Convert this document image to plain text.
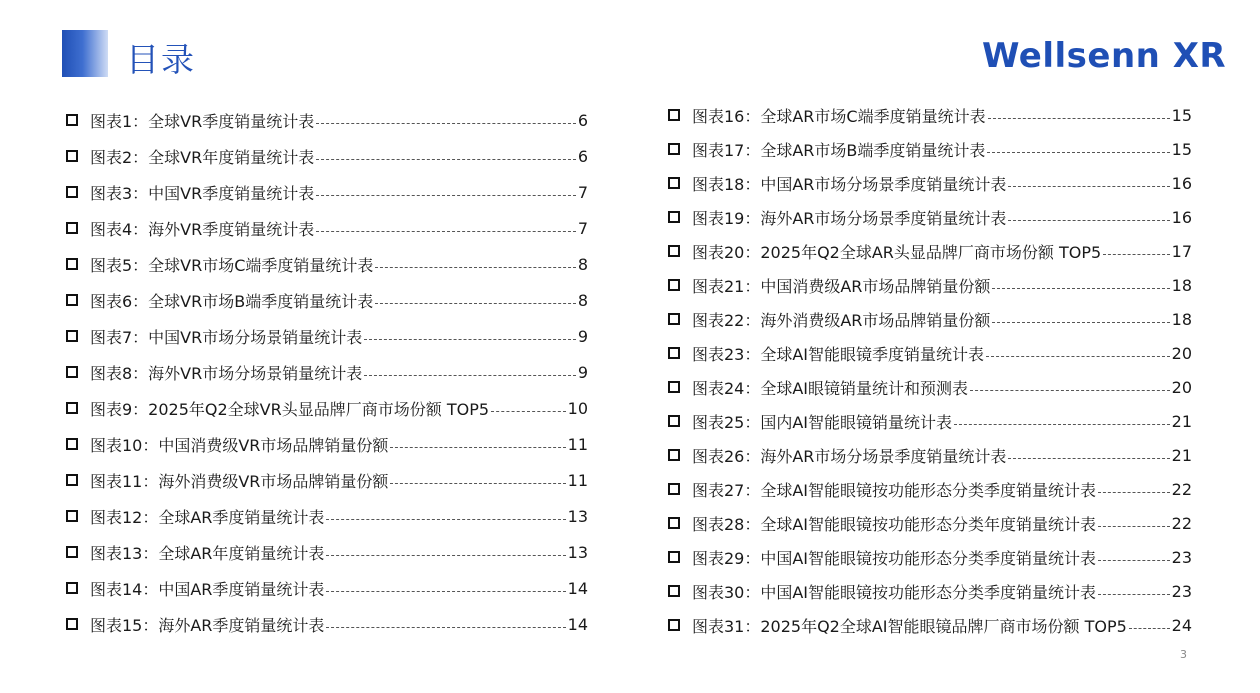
目录	Wellsenn XR
图表1：全球VR季度销量统计表	6
图表2：全球VR年度销量统计表	6
图表3：中国VR季度销量统计表	7
图表4：海外VR季度销量统计表	7
图表5：全球VR市场C端季度销量统计表	8
图表6：全球VR市场B端季度销量统计表	8
图表7：中国VR市场分场景销量统计表	9
图表8：海外VR市场分场景销量统计表	9
图表9：2025年Q2全球VR头显品牌厂商市场份额 TOP5	10
图表10：中国消费级VR市场品牌销量份额	11
图表11：海外消费级VR市场品牌销量份额	11
图表12：全球AR季度销量统计表	13
图表13：全球AR年度销量统计表	13
图表14：中国AR季度销量统计表	14
图表15：海外AR季度销量统计表	14
图表16：全球AR市场C端季度销量统计表	15
图表17：全球AR市场B端季度销量统计表	15
图表18：中国AR市场分场景季度销量统计表	16
图表19：海外AR市场分场景季度销量统计表	16
图表20：2025年Q2全球AR头显品牌厂商市场份额 TOP5	17
图表21：中国消费级AR市场品牌销量份额	18
图表22：海外消费级AR市场品牌销量份额	18
图表23：全球AI智能眼镜季度销量统计表	20
图表24：全球AI眼镜销量统计和预测表	20
图表25：国内AI智能眼镜销量统计表	21
图表26：海外AR市场分场景季度销量统计表	21
图表27：全球AI智能眼镜按功能形态分类季度销量统计表	22
图表28：全球AI智能眼镜按功能形态分类年度销量统计表	22
图表29：中国AI智能眼镜按功能形态分类季度销量统计表	23
图表30：中国AI智能眼镜按功能形态分类季度销量统计表	23
图表31：2025年Q2全球AI智能眼镜品牌厂商市场份额 TOP5	24
3
